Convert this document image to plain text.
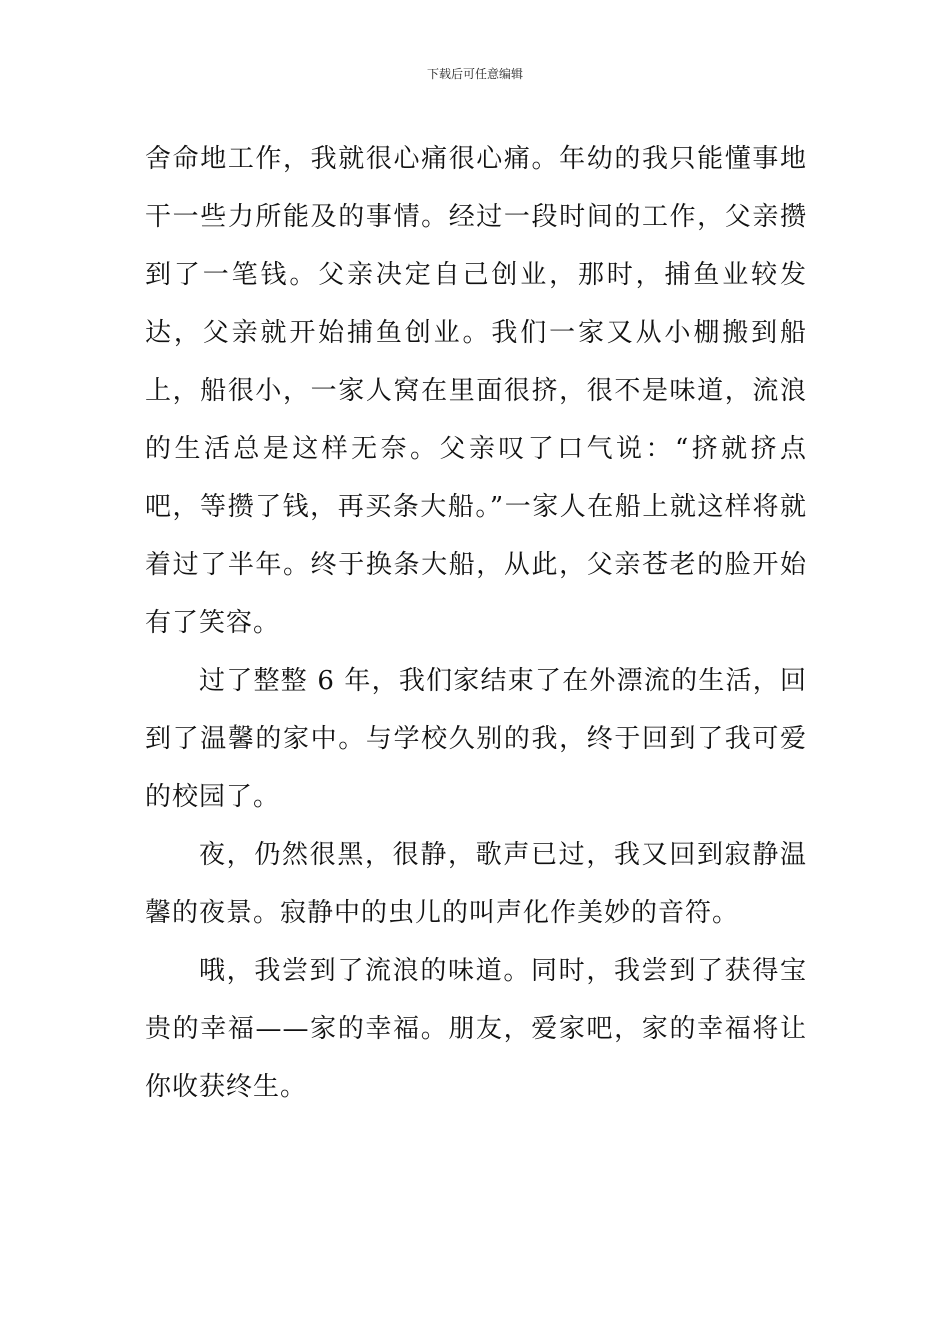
下载后可任意编辑

舍命地工作，我就很心痛很心痛。年幼的我只能懂事地干一些力所能及的事情。经过一段时间的工作，父亲攒到了一笔钱。父亲决定自己创业，那时，捕鱼业较发达，父亲就开始捕鱼创业。我们一家又从小棚搬到船上，船很小，一家人窝在里面很挤，很不是味道，流浪的生活总是这样无奈。父亲叹了口气说：“挤就挤点吧，等攒了钱，再买条大船。”一家人在船上就这样将就着过了半年。终于换条大船，从此，父亲苍老的脸开始有了笑容。

过了整整 6 年，我们家结束了在外漂流的生活，回到了温馨的家中。与学校久别的我，终于回到了我可爱的校园了。

夜，仍然很黑，很静，歌声已过，我又回到寂静温馨的夜景。寂静中的虫儿的叫声化作美妙的音符。

哦，我尝到了流浪的味道。同时，我尝到了获得宝贵的幸福——家的幸福。朋友，爱家吧，家的幸福将让你收获终生。
